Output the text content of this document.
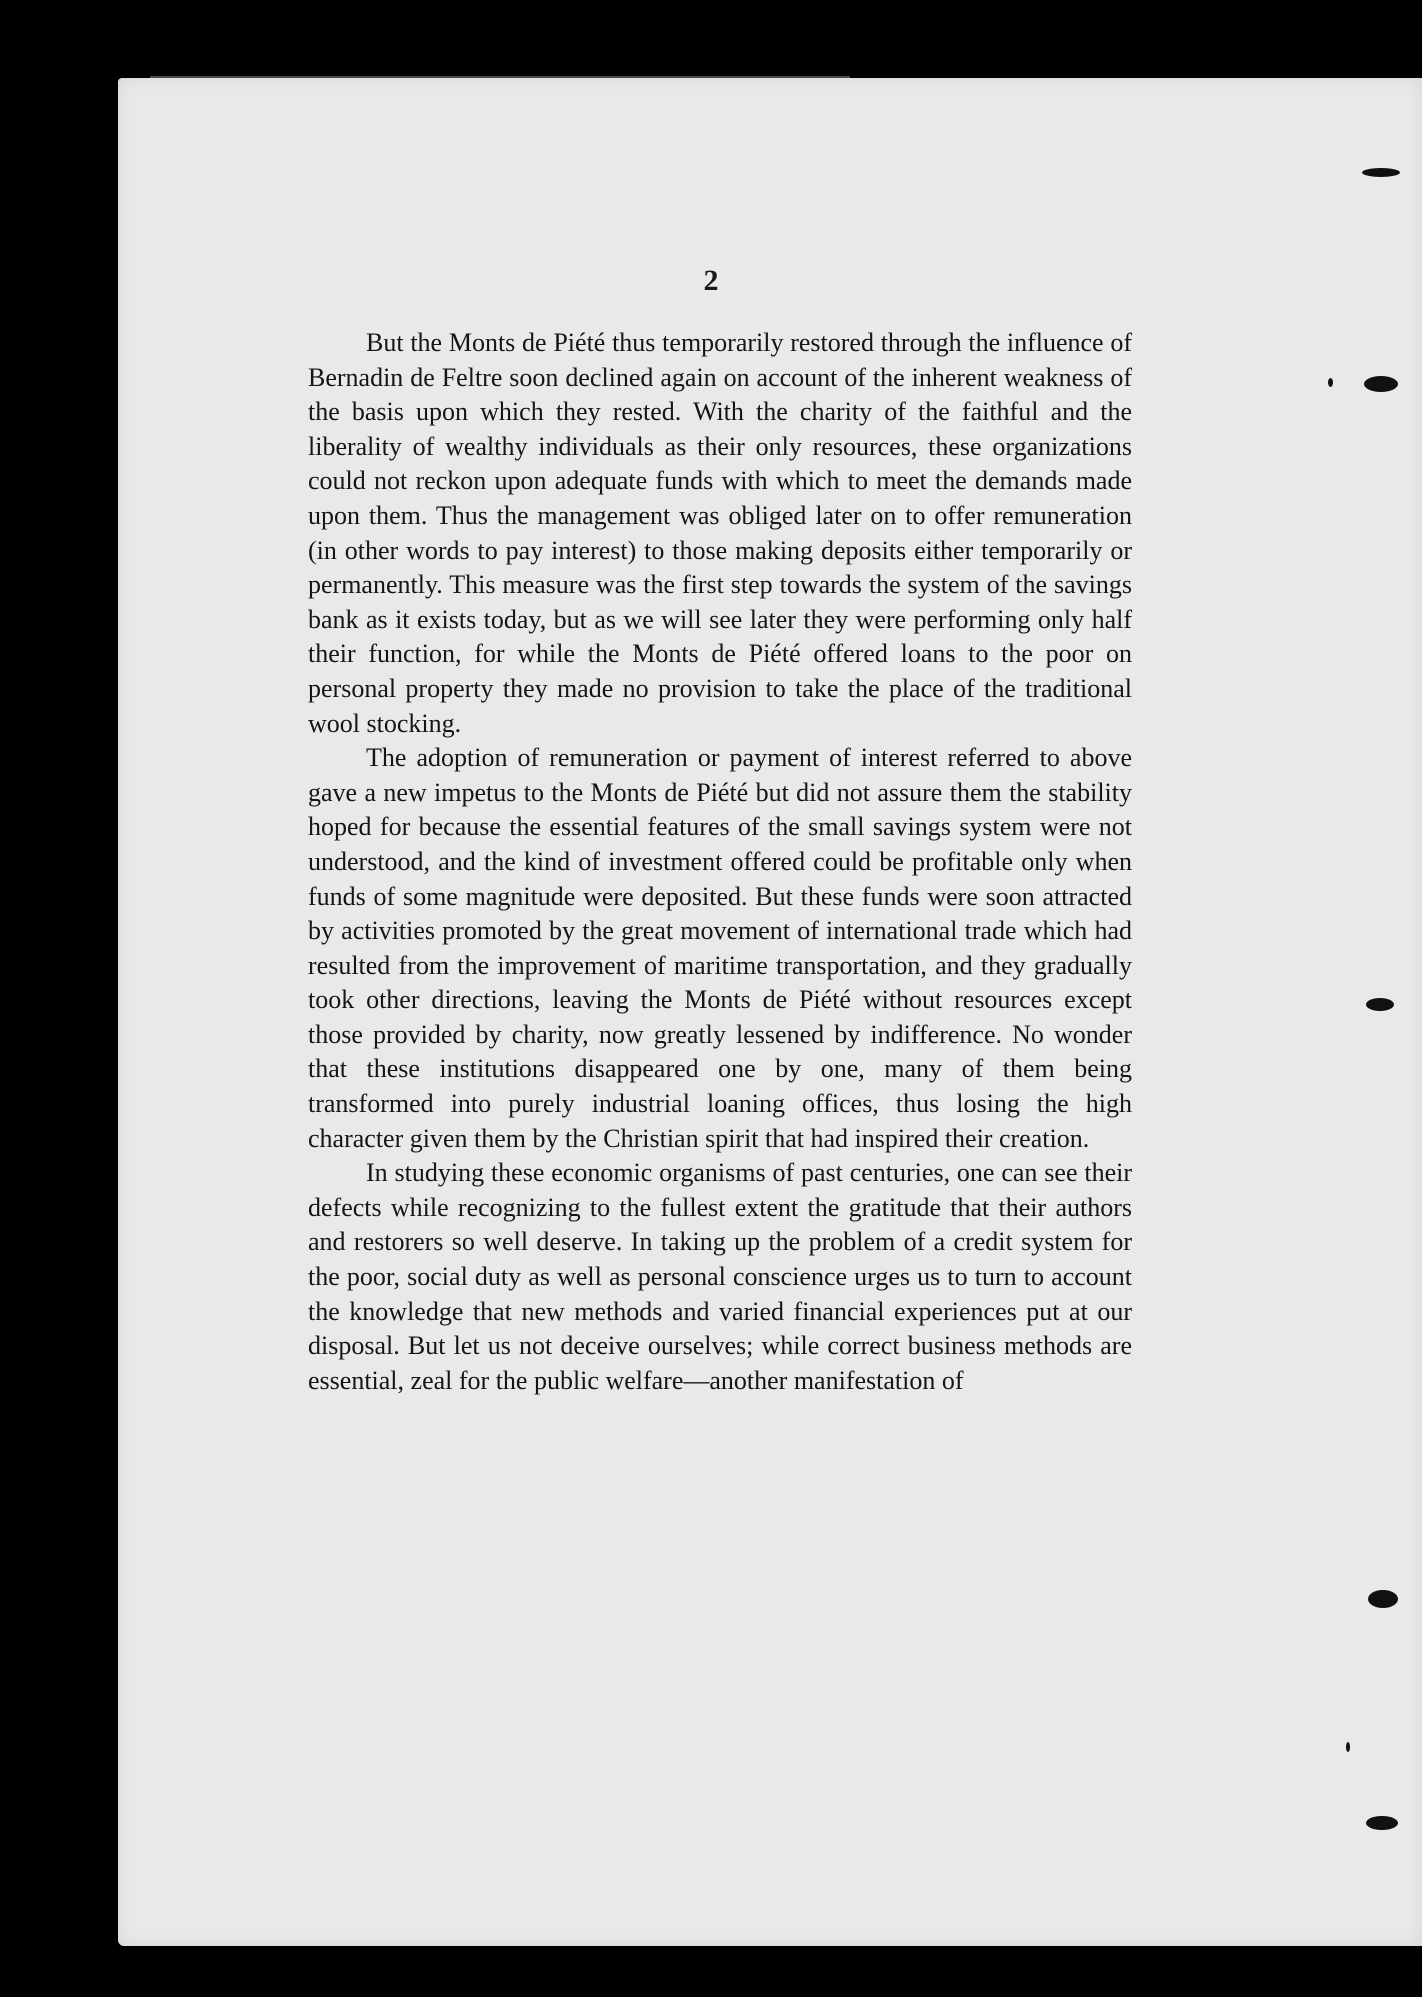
2

But the Monts de Piété thus temporarily restored through the influence of Bernadin de Feltre soon declined again on account of the inherent weakness of the basis upon which they rested. With the charity of the faithful and the liberality of wealthy individuals as their only resources, these organizations could not reckon upon adequate funds with which to meet the demands made upon them. Thus the management was obliged later on to offer remuneration (in other words to pay interest) to those making deposits either temporarily or permanently. This measure was the first step towards the system of the savings bank as it exists today, but as we will see later they were performing only half their function, for while the Monts de Piété offered loans to the poor on personal property they made no provision to take the place of the traditional wool stocking.

The adoption of remuneration or payment of interest referred to above gave a new impetus to the Monts de Piété but did not assure them the stability hoped for because the essential features of the small savings system were not understood, and the kind of investment offered could be profitable only when funds of some magnitude were deposited. But these funds were soon attracted by activities promoted by the great movement of international trade which had resulted from the improvement of maritime transportation, and they gradually took other directions, leaving the Monts de Piété without resources except those provided by charity, now greatly lessened by indifference. No wonder that these institutions disappeared one by one, many of them being transformed into purely industrial loaning offices, thus losing the high character given them by the Christian spirit that had inspired their creation.

In studying these economic organisms of past centuries, one can see their defects while recognizing to the fullest extent the gratitude that their authors and restorers so well deserve. In taking up the problem of a credit system for the poor, social duty as well as personal conscience urges us to turn to account the knowledge that new methods and varied financial experiences put at our disposal. But let us not deceive ourselves; while correct business methods are essential, zeal for the public welfare—another manifestation of
